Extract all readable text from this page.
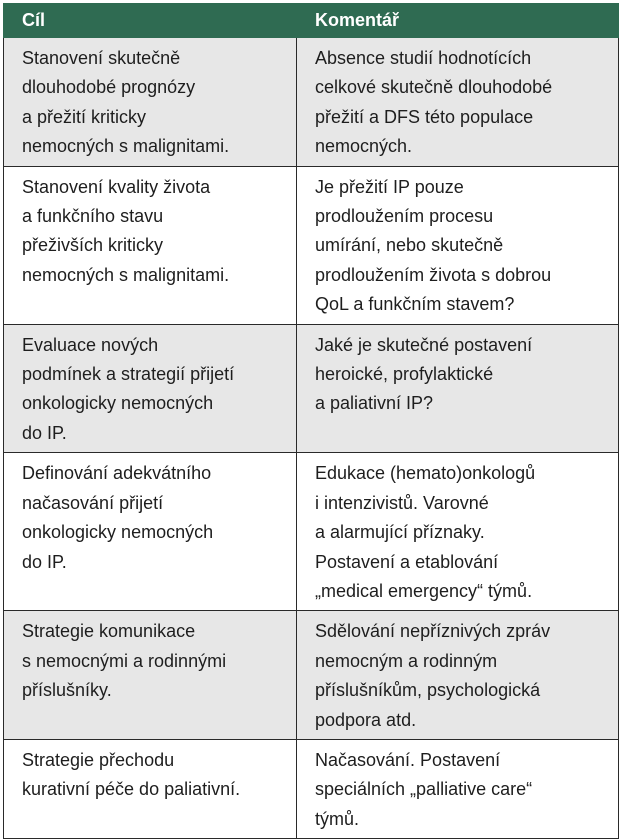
Cíl	Komentář

Stanovení skutečně
dlouhodobé prognózy
a přežití kriticky
nemocných s malignitami.	Absence studií hodnotících
celkové skutečně dlouhodobé
přežití a DFS této populace
nemocných.

Stanovení kvality života
a funkčního stavu
přeživších kriticky
nemocných s malignitami.	Je přežití IP pouze
prodloužením procesu
umírání, nebo skutečně
prodloužením života s dobrou
QoL a funkčním stavem?

Evaluace nových
podmínek a strategií přijetí
onkologicky nemocných
do IP.	Jaké je skutečné postavení
heroické, profylaktické
a paliativní IP?

Definování adekvátního
načasování přijetí
onkologicky nemocných
do IP.	Edukace (hemato)onkologů
i intenzivistů. Varovné
a alarmující příznaky.
Postavení a etablování
„medical emergency“ týmů.

Strategie komunikace
s nemocnými a rodinnými
příslušníky.	Sdělování nepříznivých zpráv
nemocným a rodinným
příslušníkům, psychologická
podpora atd.

Strategie přechodu
kurativní péče do paliativní.	Načasování. Postavení
speciálních „palliative care“
týmů.
